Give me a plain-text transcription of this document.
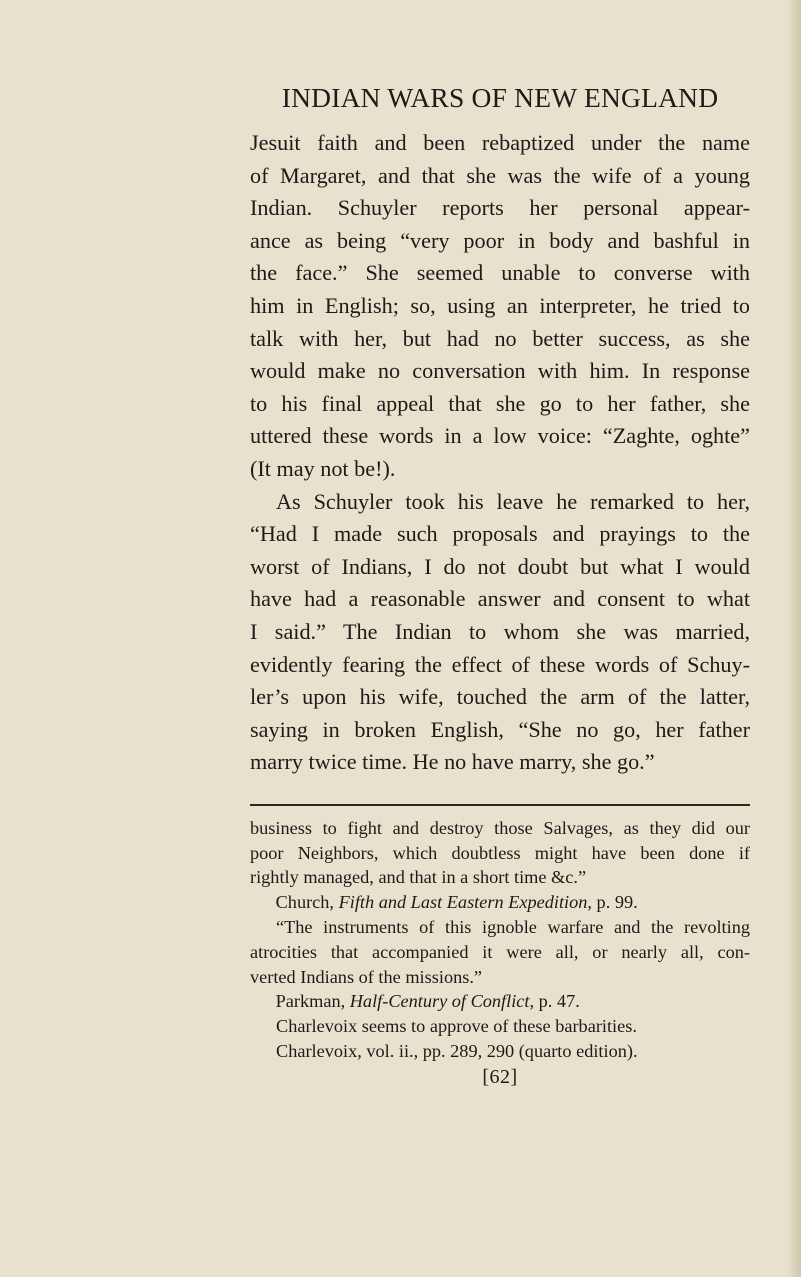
INDIAN WARS OF NEW ENGLAND

Jesuit faith and been rebaptized under the name
of Margaret, and that she was the wife of a young
Indian. Schuyler reports her personal appear-
ance as being “very poor in body and bashful in
the face.” She seemed unable to converse with
him in English; so, using an interpreter, he tried to
talk with her, but had no better success, as she
would make no conversation with him. In response
to his final appeal that she go to her father, she
uttered these words in a low voice: “Zaghte, oghte”
(It may not be!).

As Schuyler took his leave he remarked to her,
“Had I made such proposals and prayings to the
worst of Indians, I do not doubt but what I would
have had a reasonable answer and consent to what
I said.” The Indian to whom she was married,
evidently fearing the effect of these words of Schuy-
ler’s upon his wife, touched the arm of the latter,
saying in broken English, “She no go, her father
marry twice time. He no have marry, she go.”

business to fight and destroy those Salvages, as they did our
poor Neighbors, which doubtless might have been done if
rightly managed, and that in a short time &c.”

Church, Fifth and Last Eastern Expedition, p. 99.

“The instruments of this ignoble warfare and the revolting
atrocities that accompanied it were all, or nearly all, con-
verted Indians of the missions.”

Parkman, Half-Century of Conflict, p. 47.

Charlevoix seems to approve of these barbarities.
Charlevoix, vol. ii., pp. 289, 290 (quarto edition).

[62]
